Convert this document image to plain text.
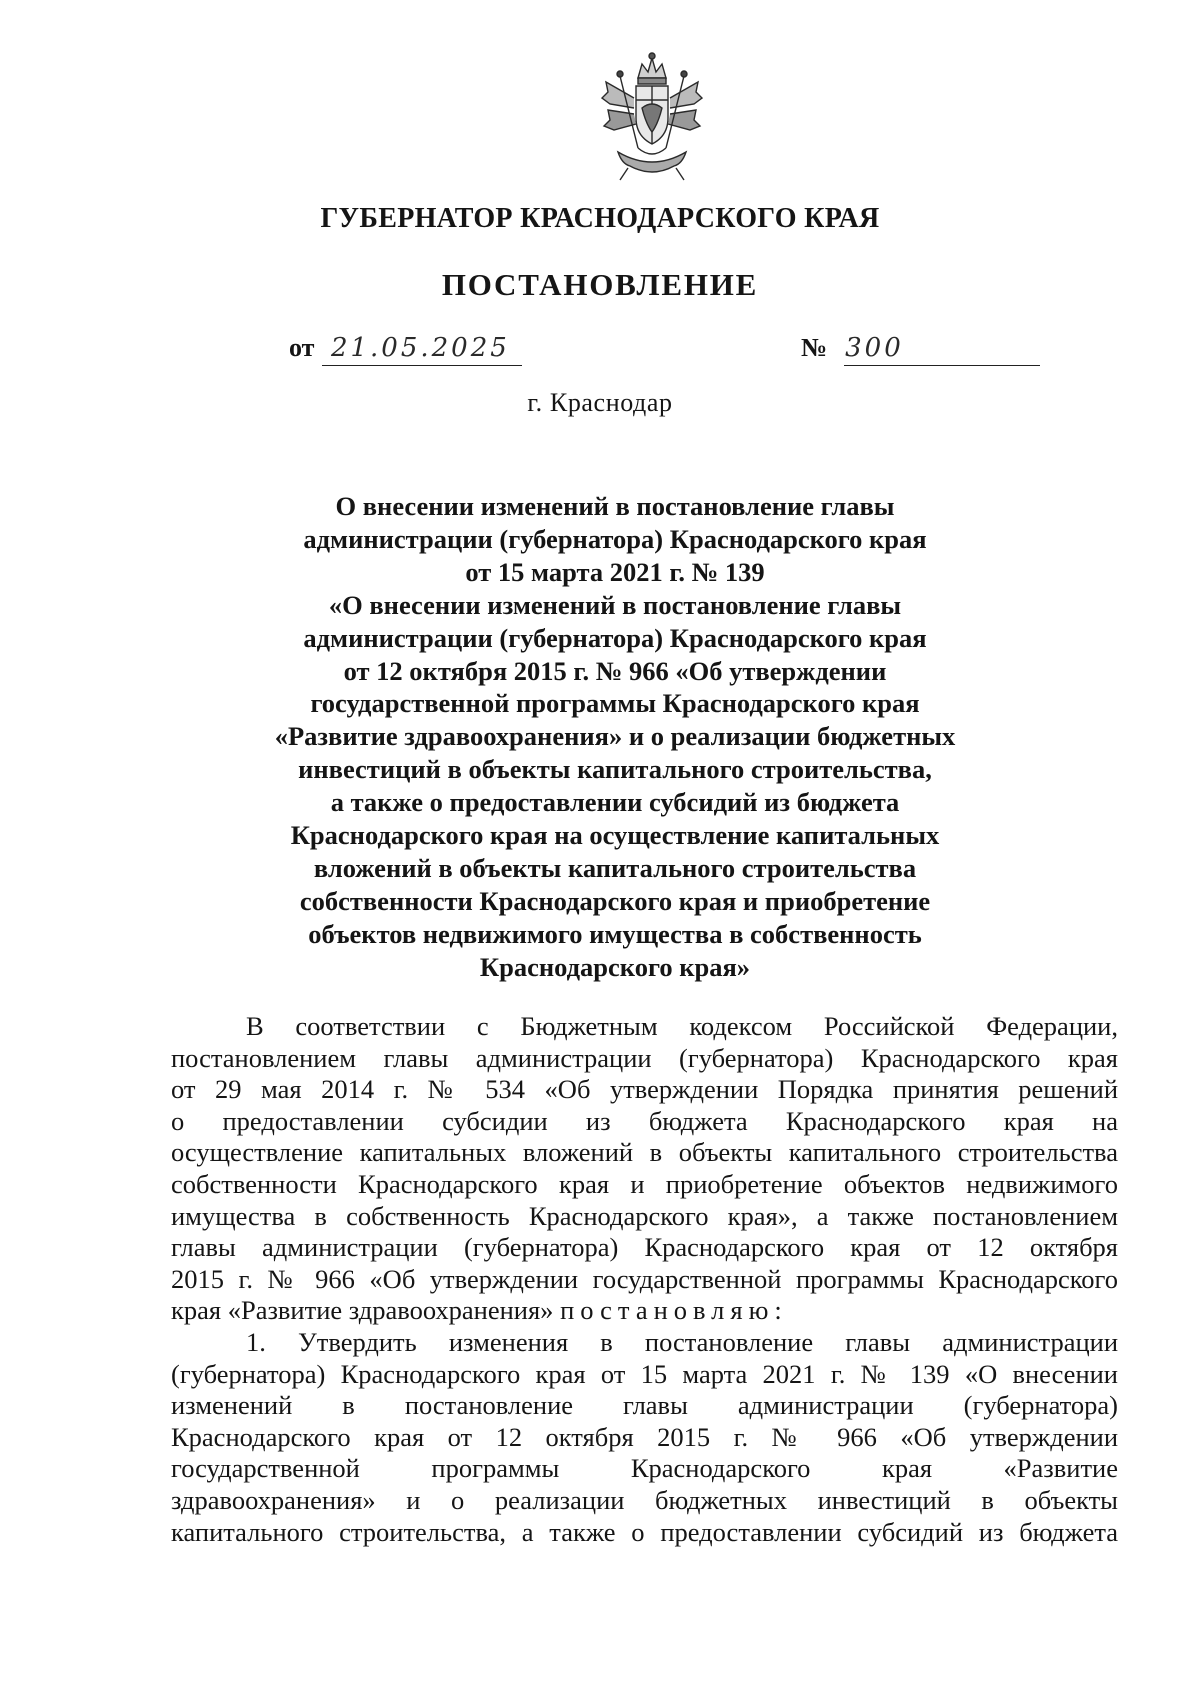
ГУБЕРНАТОР КРАСНОДАРСКОГО КРАЯ
ПОСТАНОВЛЕНИЕ
от 21.05.2025	№ 300
г. Краснодар
О внесении изменений в постановление главы
администрации (губернатора) Краснодарского края
от 15 марта 2021 г. № 139
«О внесении изменений в постановление главы
администрации (губернатора) Краснодарского края
от 12 октября 2015 г. № 966 «Об утверждении
государственной программы Краснодарского края
«Развитие здравоохранения» и о реализации бюджетных
инвестиций в объекты капитального строительства,
а также о предоставлении субсидий из бюджета
Краснодарского края на осуществление капитальных
вложений в объекты капитального строительства
собственности Краснодарского края и приобретение
объектов недвижимого имущества в собственность
Краснодарского края»
В соответствии с Бюджетным кодексом Российской Федерации,
постановлением главы администрации (губернатора) Краснодарского края
от 29 мая 2014 г. № 534 «Об утверждении Порядка принятия решений
о предоставлении субсидии из бюджета Краснодарского края на
осуществление капитальных вложений в объекты капитального строительства
собственности Краснодарского края и приобретение объектов недвижимого
имущества в собственность Краснодарского края», а также постановлением
главы администрации (губернатора) Краснодарского края от 12 октября
2015 г. № 966 «Об утверждении государственной программы Краснодарского
края «Развитие здравоохранения» постановляю:
1. Утвердить изменения в постановление главы администрации
(губернатора) Краснодарского края от 15 марта 2021 г. № 139 «О внесении
изменений в постановление главы администрации (губернатора)
Краснодарского края от 12 октября 2015 г. № 966 «Об утверждении
государственной программы Краснодарского края «Развитие
здравоохранения» и о реализации бюджетных инвестиций в объекты
капитального строительства, а также о предоставлении субсидий из бюджета
